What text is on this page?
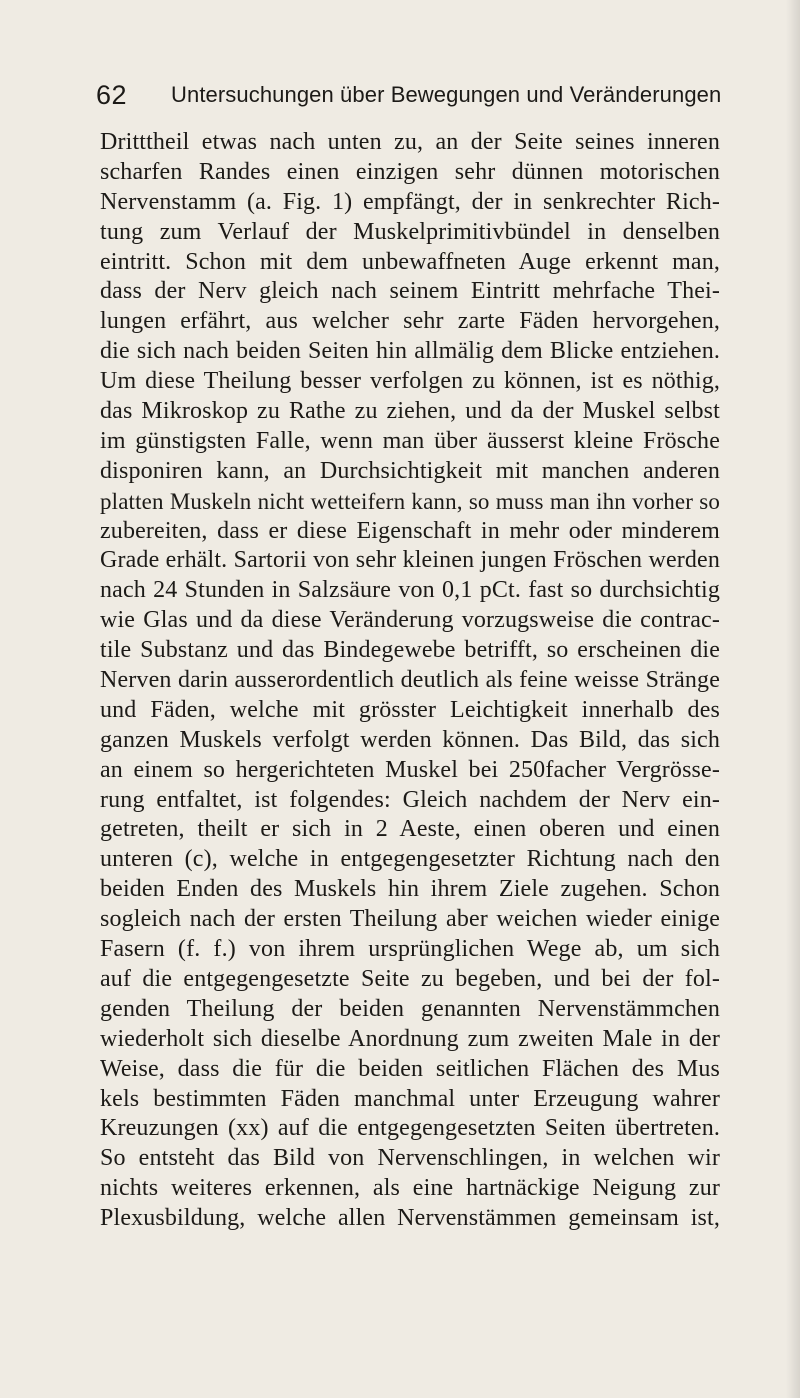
62 Untersuchungen über Bewegungen und Veränderungen
Dritttheil etwas nach unten zu, an der Seite seines inneren
scharfen Randes einen einzigen sehr dünnen motorischen
Nervenstamm (a. Fig. 1) empfängt, der in senkrechter Rich-
tung zum Verlauf der Muskelprimitivbündel in denselben
eintritt. Schon mit dem unbewaffneten Auge erkennt man,
dass der Nerv gleich nach seinem Eintritt mehrfache Thei-
lungen erfährt, aus welcher sehr zarte Fäden hervorgehen,
die sich nach beiden Seiten hin allmälig dem Blicke entziehen.
Um diese Theilung besser verfolgen zu können, ist es nöthig,
das Mikroskop zu Rathe zu ziehen, und da der Muskel selbst
im günstigsten Falle, wenn man über äusserst kleine Frösche
disponiren kann, an Durchsichtigkeit mit manchen anderen
platten Muskeln nicht wetteifern kann, so muss man ihn vorher so
zubereiten, dass er diese Eigenschaft in mehr oder minderem
Grade erhält. Sartorii von sehr kleinen jungen Fröschen werden
nach 24 Stunden in Salzsäure von 0,1 pCt. fast so durchsichtig
wie Glas und da diese Veränderung vorzugsweise die contrac-
tile Substanz und das Bindegewebe betrifft, so erscheinen die
Nerven darin ausserordentlich deutlich als feine weisse Stränge
und Fäden, welche mit grösster Leichtigkeit innerhalb des
ganzen Muskels verfolgt werden können. Das Bild, das sich
an einem so hergerichteten Muskel bei 250facher Vergrösse-
rung entfaltet, ist folgendes: Gleich nachdem der Nerv ein-
getreten, theilt er sich in 2 Aeste, einen oberen und einen
unteren (c), welche in entgegengesetzter Richtung nach den
beiden Enden des Muskels hin ihrem Ziele zugehen. Schon
sogleich nach der ersten Theilung aber weichen wieder einige
Fasern (f. f.) von ihrem ursprünglichen Wege ab, um sich
auf die entgegengesetzte Seite zu begeben, und bei der fol-
genden Theilung der beiden genannten Nervenstämmchen
wiederholt sich dieselbe Anordnung zum zweiten Male in der
Weise, dass die für die beiden seitlichen Flächen des Mus
kels bestimmten Fäden manchmal unter Erzeugung wahrer
Kreuzungen (xx) auf die entgegengesetzten Seiten übertreten.
So entsteht das Bild von Nervenschlingen, in welchen wir
nichts weiteres erkennen, als eine hartnäckige Neigung zur
Plexusbildung, welche allen Nervenstämmen gemeinsam ist,
